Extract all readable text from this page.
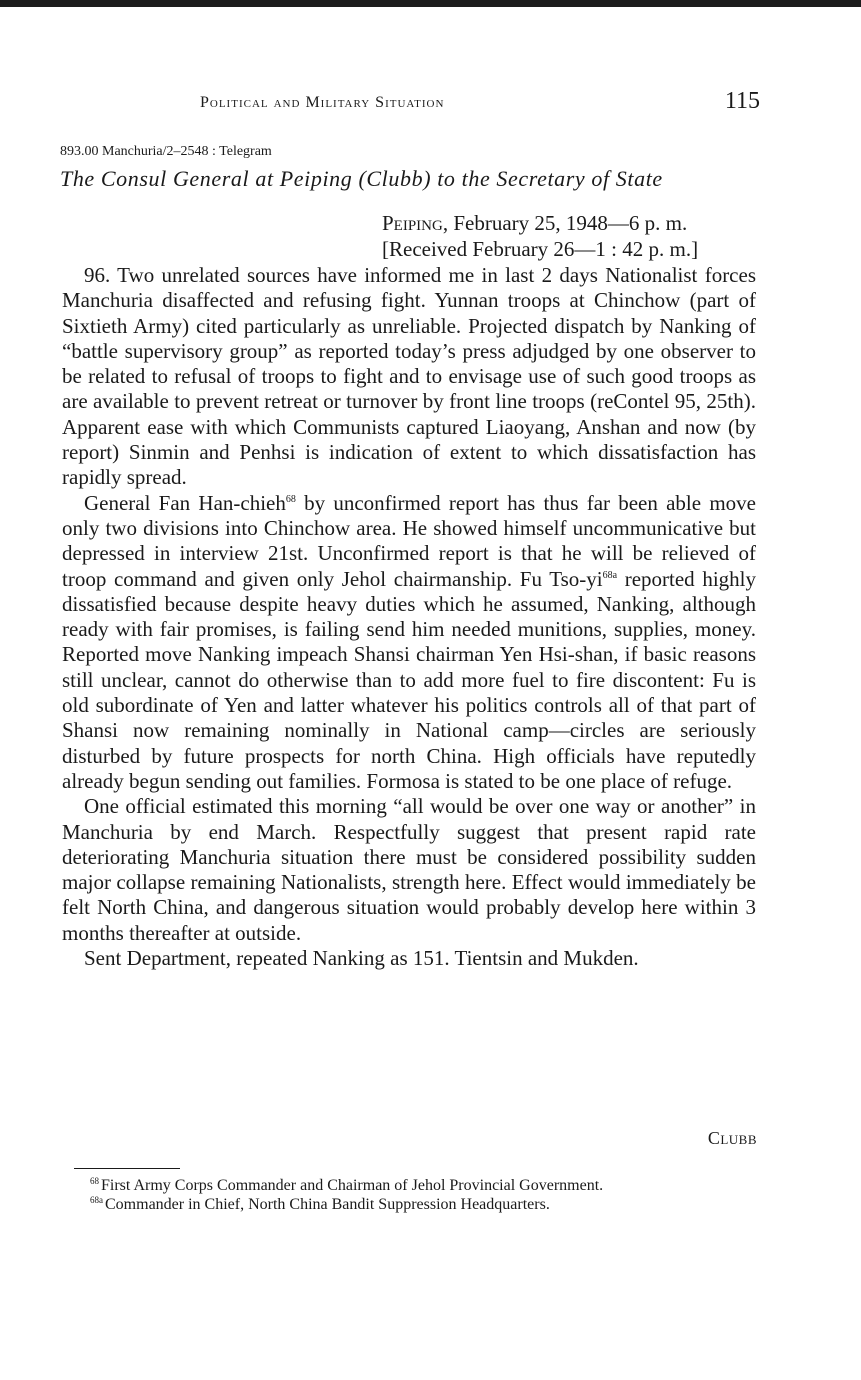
Political and Military Situation	115
893.00 Manchuria/2–2548 : Telegram
The Consul General at Peiping (Clubb) to the Secretary of State
Peiping, February 25, 1948—6 p. m.
[Received February 26—1 : 42 p. m.]

96. Two unrelated sources have informed me in last 2 days Nationalist forces Manchuria disaffected and refusing fight. Yunnan troops at Chinchow (part of Sixtieth Army) cited particularly as unreliable. Projected dispatch by Nanking of “battle supervisory group” as reported today’s press adjudged by one observer to be related to refusal of troops to fight and to envisage use of such good troops as are available to prevent retreat or turnover by front line troops (reContel 95, 25th). Apparent ease with which Communists captured Liaoyang, Anshan and now (by report) Sinmin and Penhsi is indication of extent to which dissatisfaction has rapidly spread.

General Fan Han-chieh$^{68}$ by unconfirmed report has thus far been able move only two divisions into Chinchow area. He showed himself uncommunicative but depressed in interview 21st. Unconfirmed report is that he will be relieved of troop command and given only Jehol chairmanship. Fu Tso-$yi^{68a}$ reported highly dissatisfied because despite heavy duties which he assumed, Nanking, although ready with fair promises, is failing send him needed munitions, supplies, money. Reported move Nanking impeach Shansi chairman Yen Hsi-shan, if basic reasons still unclear, cannot do otherwise than to add more fuel to fire discontent: Fu is old subordinate of Yen and latter whatever his politics controls all of that part of Shansi now remaining nominally in National camp—circles are seriously disturbed by future prospects for north China. High officials have reputedly already begun sending out families. Formosa is stated to be one place of refuge.

One official estimated this morning “all would be over one way or another” in Manchuria by end March. Respectfully suggest that present rapid rate deteriorating Manchuria situation there must be considered possibility sudden major collapse remaining Nationalists, strength here. Effect would immediately be felt North China, and dangerous situation would probably develop here within 3 months thereafter at outside.

Sent Department, repeated Nanking as 151. Tientsin and Mukden.

Clubb

$^{68}$ First Army Corps Commander and Chairman of Jehol Provincial Government.

$^{68a}$ Commander in Chief, North China Bandit Suppression Headquarters.
